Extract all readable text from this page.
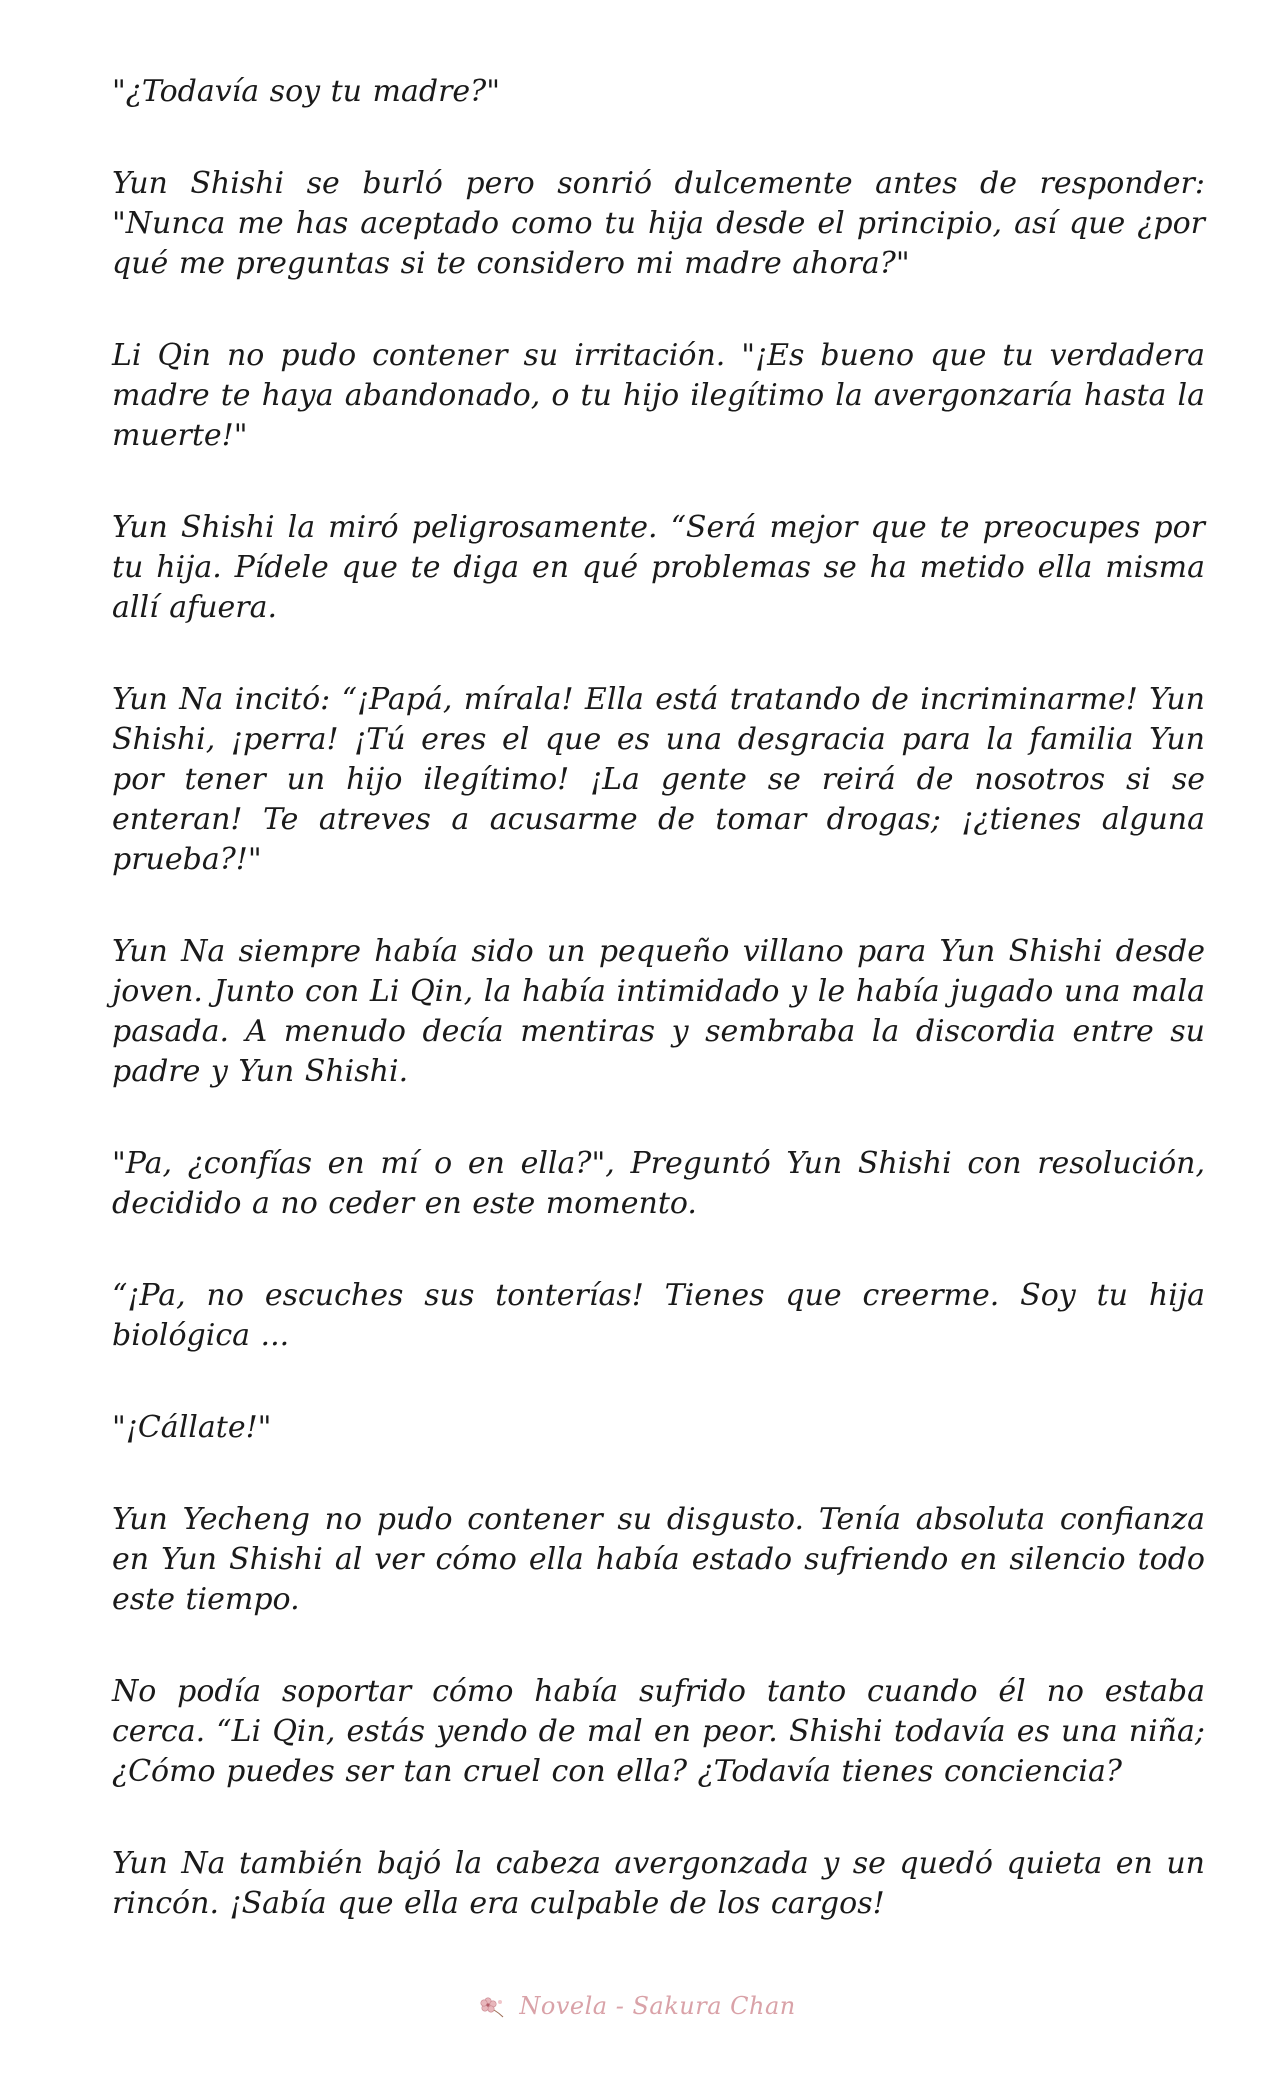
"¿Todavía soy tu madre?"

Yun Shishi se burló pero sonrió dulcemente antes de responder: "Nunca me has aceptado como tu hija desde el principio, así que ¿por qué me preguntas si te considero mi madre ahora?"

Li Qin no pudo contener su irritación. "¡Es bueno que tu verdadera madre te haya abandonado, o tu hijo ilegítimo la avergonzaría hasta la muerte!"

Yun Shishi la miró peligrosamente. “Será mejor que te preocupes por tu hija. Pídele que te diga en qué problemas se ha metido ella misma allí afuera.

Yun Na incitó: “¡Papá, mírala! Ella está tratando de incriminarme! Yun Shishi, ¡perra! ¡Tú eres el que es una desgracia para la familia Yun por tener un hijo ilegítimo! ¡La gente se reirá de nosotros si se enteran! Te atreves a acusarme de tomar drogas; ¡¿tienes alguna prueba?!"

Yun Na siempre había sido un pequeño villano para Yun Shishi desde joven. Junto con Li Qin, la había intimidado y le había jugado una mala pasada. A menudo decía mentiras y sembraba la discordia entre su padre y Yun Shishi.

"Pa, ¿confías en mí o en ella?", Preguntó Yun Shishi con resolución, decidido a no ceder en este momento.

“¡Pa, no escuches sus tonterías! Tienes que creerme. Soy tu hija biológica ...

"¡Cállate!"

Yun Yecheng no pudo contener su disgusto. Tenía absoluta confianza en Yun Shishi al ver cómo ella había estado sufriendo en silencio todo este tiempo.

No podía soportar cómo había sufrido tanto cuando él no estaba cerca. “Li Qin, estás yendo de mal en peor. Shishi todavía es una niña; ¿Cómo puedes ser tan cruel con ella? ¿Todavía tienes conciencia?

Yun Na también bajó la cabeza avergonzada y se quedó quieta en un rincón. ¡Sabía que ella era culpable de los cargos!

Novela - Sakura Chan
